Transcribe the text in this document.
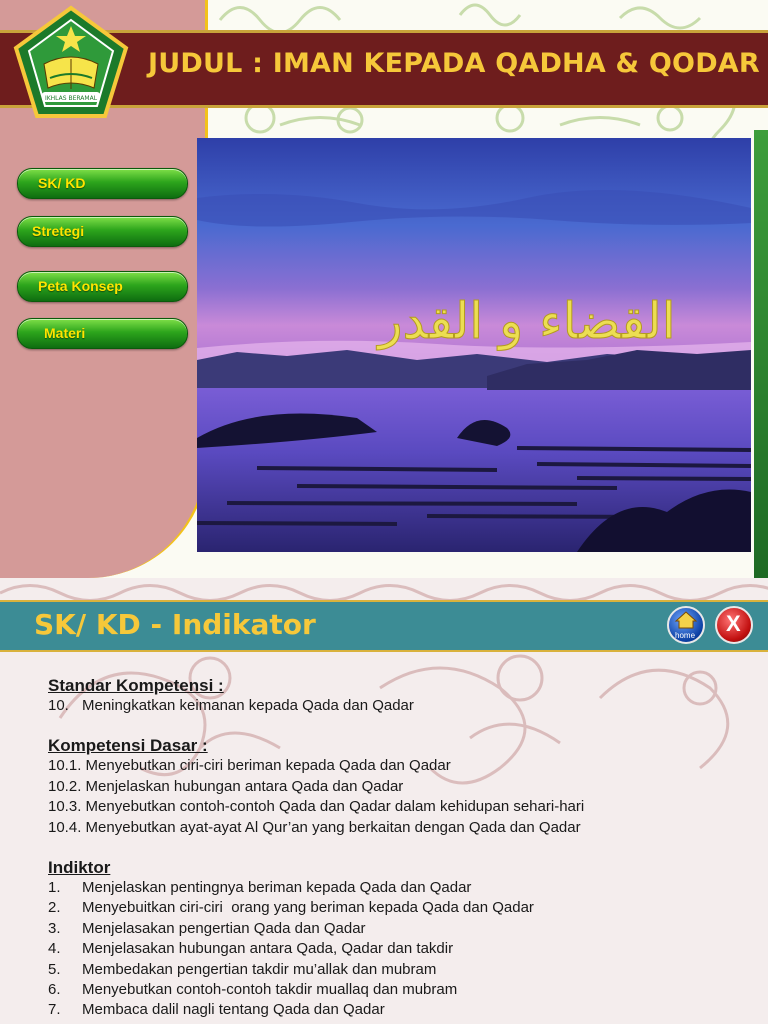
JUDUL : IMAN KEPADA QADHA & QODAR
IKHLAS BERAMAL
SK/ KD
Stretegi
Peta Konsep
Materi	القضاء و القدر
SK/ KD - Indikator	home X

Standar Kompetensi :

10. Meningkatkan keimanan kepada Qada dan Qadar

Kompetensi Dasar :

10.1. Menyebutkan ciri-ciri beriman kepada Qada dan Qadar
10.2. Menjelaskan hubungan antara Qada dan Qadar
10.3. Menyebutkan contoh-contoh Qada dan Qadar dalam kehidupan sehari-hari
10.4. Menyebutkan ayat-ayat Al Qur’an yang berkaitan dengan Qada dan Qadar

Indiktor

1. Menjelaskan pentingnya beriman kepada Qada dan Qadar
2. Menyebuitkan ciri-ciri  orang yang beriman kepada Qada dan Qadar
3. Menjelasakan pengertian Qada dan Qadar
4. Menjelasakan hubungan antara Qada, Qadar dan takdir
5. Membedakan pengertian takdir mu’allak dan mubram
6. Menyebutkan contoh-contoh takdir muallaq dan mubram
7. Membaca dalil nagli tentang Qada dan Qadar
